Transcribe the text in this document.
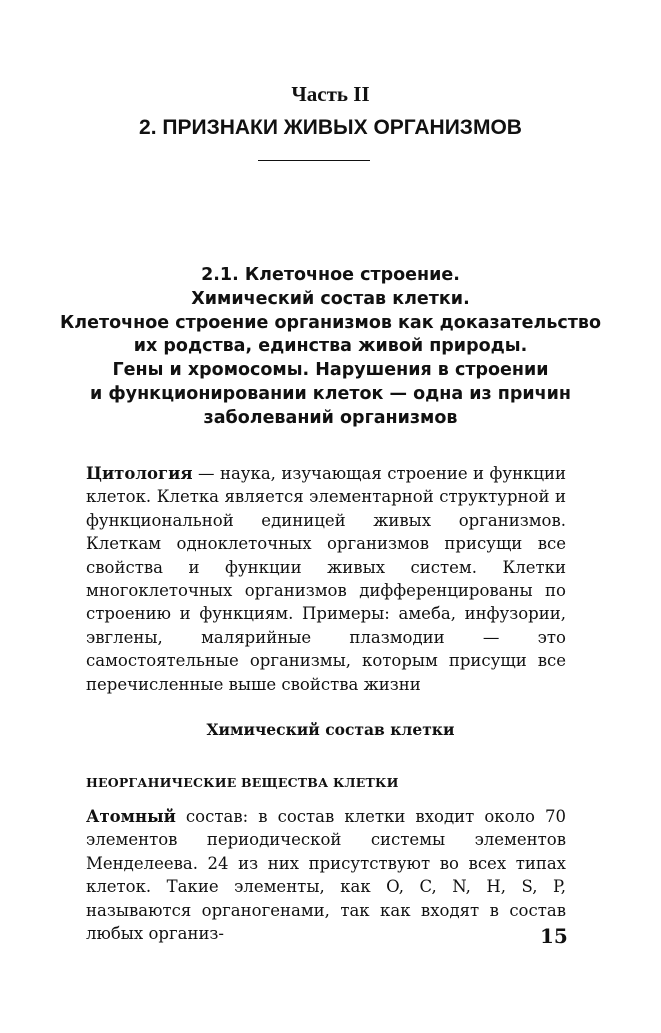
Часть II
2. ПРИЗНАКИ ЖИВЫХ ОРГАНИЗМОВ
2.1. Клеточное строение.
Химический состав клетки.
Клеточное строение организмов как доказательство
их родства, единства живой природы.
Гены и хромосомы. Нарушения в строении
и функционировании клеток — одна из причин
заболеваний организмов

Цитология — наука, изучающая строение и функции клеток. Клетка является элементарной структурной и функциональной единицей живых организмов. Клеткам одноклеточных организмов присущи все свойства и функции живых систем. Клетки многоклеточных организмов дифференцированы по строению и функциям. Примеры: амеба, инфузории, эвглены, малярийные плазмодии — это самостоятельные организмы, которым присущи все перечисленные выше свойства жизни

Химический состав клетки
НЕОРГАНИЧЕСКИЕ ВЕЩЕСТВА КЛЕТКИ

Атомный состав: в состав клетки входит около 70 элементов периодической системы элементов Менделеева. 24 из них присутствуют во всех типах клеток. Такие элементы, как O, C, N, H, S, P, называются органогенами, так как входят в состав любых организ-	15
